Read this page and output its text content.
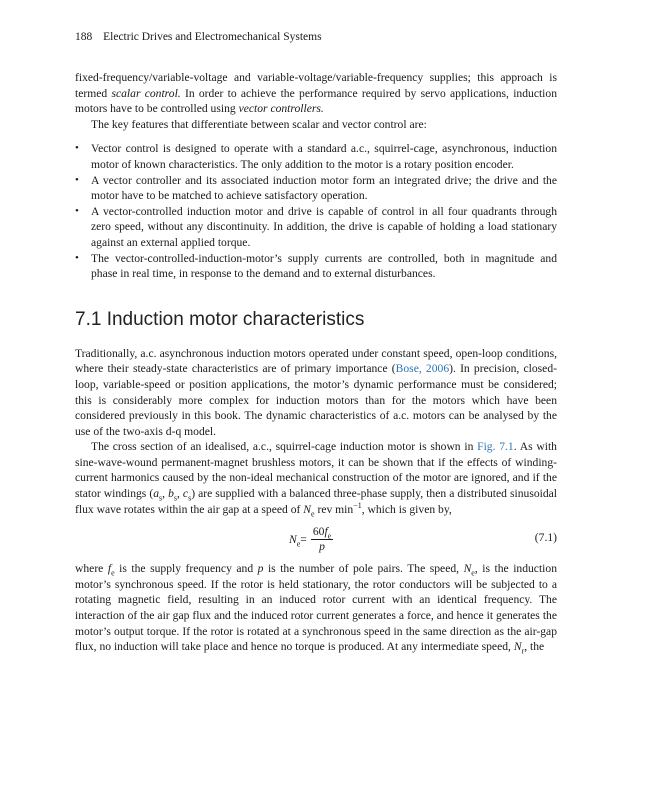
188 Electric Drives and Electromechanical Systems

fixed-frequency/variable-voltage and variable-voltage/variable-frequency supplies; this approach is termed scalar control. In order to achieve the performance required by servo applications, induction motors have to be controlled using vector controllers.

The key features that differentiate between scalar and vector control are:

• Vector control is designed to operate with a standard a.c., squirrel-cage, asynchronous, induction motor of known characteristics. The only addition to the motor is a rotary position encoder.
• A vector controller and its associated induction motor form an integrated drive; the drive and the motor have to be matched to achieve satisfactory operation.
• A vector-controlled induction motor and drive is capable of control in all four quadrants through zero speed, without any discontinuity. In addition, the drive is capable of holding a load stationary against an external applied torque.
• The vector-controlled-induction-motor’s supply currents are controlled, both in magnitude and phase in real time, in response to the demand and to external disturbances.
7.1 Induction motor characteristics

Traditionally, a.c. asynchronous induction motors operated under constant speed, open-loop conditions, where their steady-state characteristics are of primary importance (Bose, 2006). In precision, closed-loop, variable-speed or position applications, the motor’s dynamic performance must be considered; this is considerably more complex for induction motors than for the motors which have been considered previously in this book. The dynamic characteristics of a.c. motors can be analysed by the use of the two-axis d-q model.

The cross section of an idealised, a.c., squirrel-cage induction motor is shown in Fig. 7.1. As with sine-wave-wound permanent-magnet brushless motors, it can be shown that if the effects of winding-current harmonics caused by the non-ideal mechanical construction of the motor are ignored, and if the stator windings ($a_s$, $b_s$, $c_s$) are supplied with a balanced three-phase supply, then a distributed sinusoidal flux wave rotates within the air gap at a speed of $N_e$ rev $\min^{-1}$, which is given by,

$N_e = \frac{60f_e}{p}$	(7.1)

where $f_e$ is the supply frequency and p is the number of pole pairs. The speed, $N_e$, is the induction motor’s synchronous speed. If the rotor is held stationary, the rotor conductors will be subjected to a rotating magnetic field, resulting in an induced rotor current with an identical frequency. The interaction of the air gap flux and the induced rotor current generates a force, and hence it generates the motor’s output torque. If the rotor is rotated at a synchronous speed in the same direction as the air-gap flux, no induction will take place and hence no torque is produced. At any intermediate speed, $N_r$, the
